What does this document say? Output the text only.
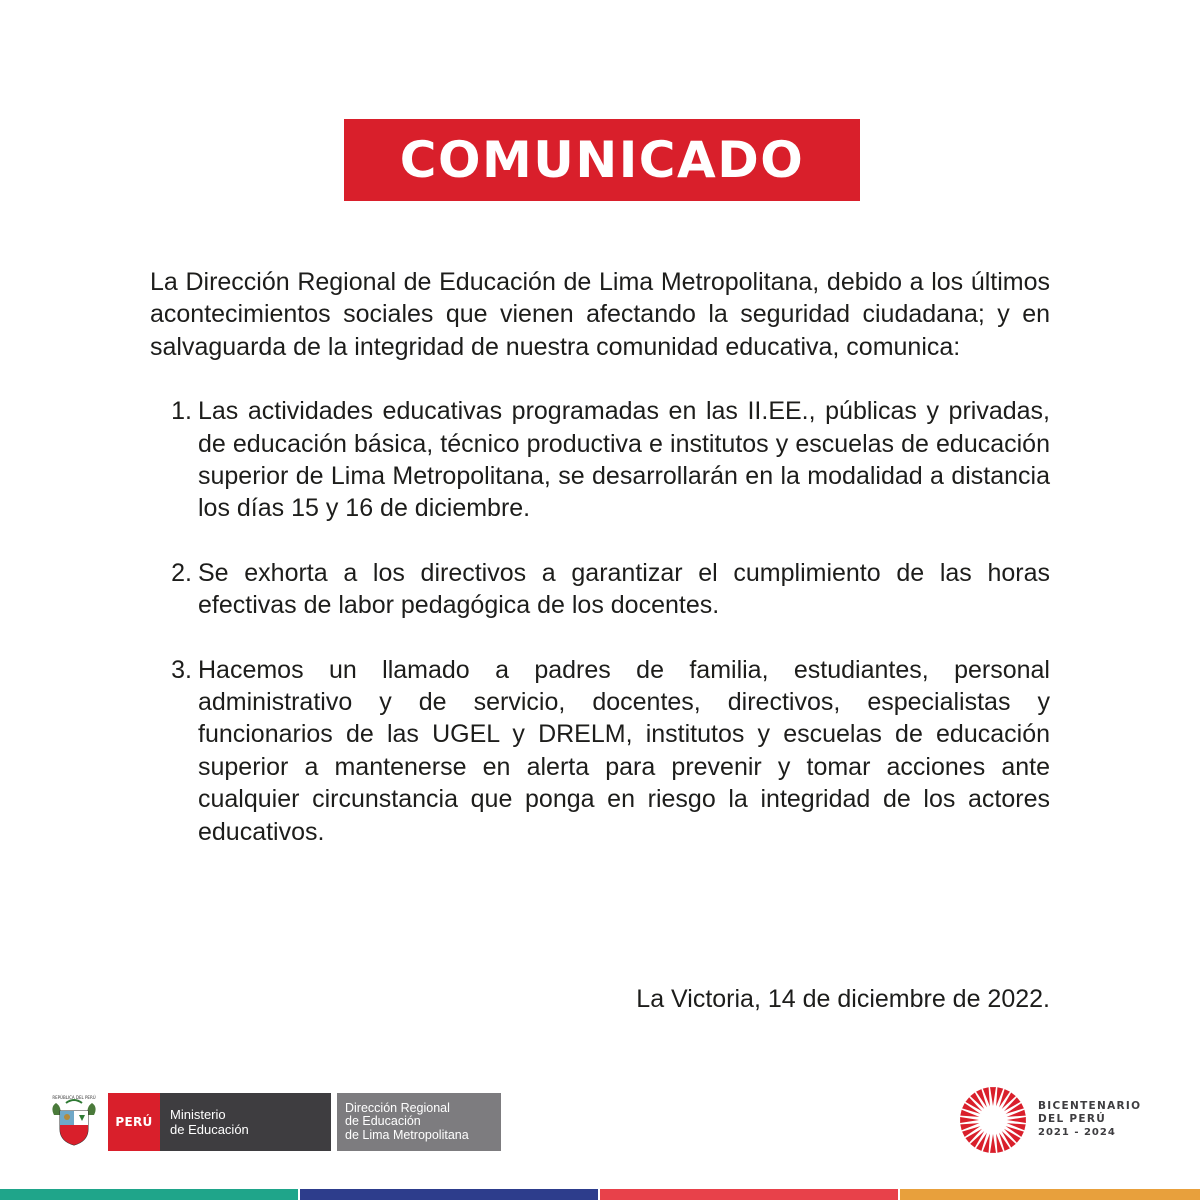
COMUNICADO

La Dirección Regional de Educación de Lima Metropolitana, debido a los últimos acontecimientos sociales que vienen afectando la seguridad ciudadana; y en salvaguarda de la integridad de nuestra comunidad educativa, comunica:

1. Las actividades educativas programadas en las II.EE., públicas y privadas, de educación básica, técnico productiva e institutos y escuelas de educación superior de Lima Metropolitana, se desarrollarán en la modalidad a distancia los días 15 y 16 de diciembre.
2. Se exhorta a los directivos a garantizar el cumplimiento de las horas efectivas de labor pedagógica de los docentes.
3. Hacemos un llamado a padres de familia, estudiantes, personal administrativo y de servicio, docentes, directivos, especialistas y funcionarios de las UGEL y DRELM, institutos y escuelas de educación superior a mantenerse en alerta para prevenir y tomar acciones ante cualquier circunstancia que ponga en riesgo la integridad de los actores educativos.
La Victoria, 14 de diciembre de 2022.
REPÚBLICA DEL PERÚ
PERÚ	Ministerio
de Educación
Dirección Regional
de Educación
de Lima Metropolitana
BICENTENARIO
DEL PERÚ
2021 - 2024
